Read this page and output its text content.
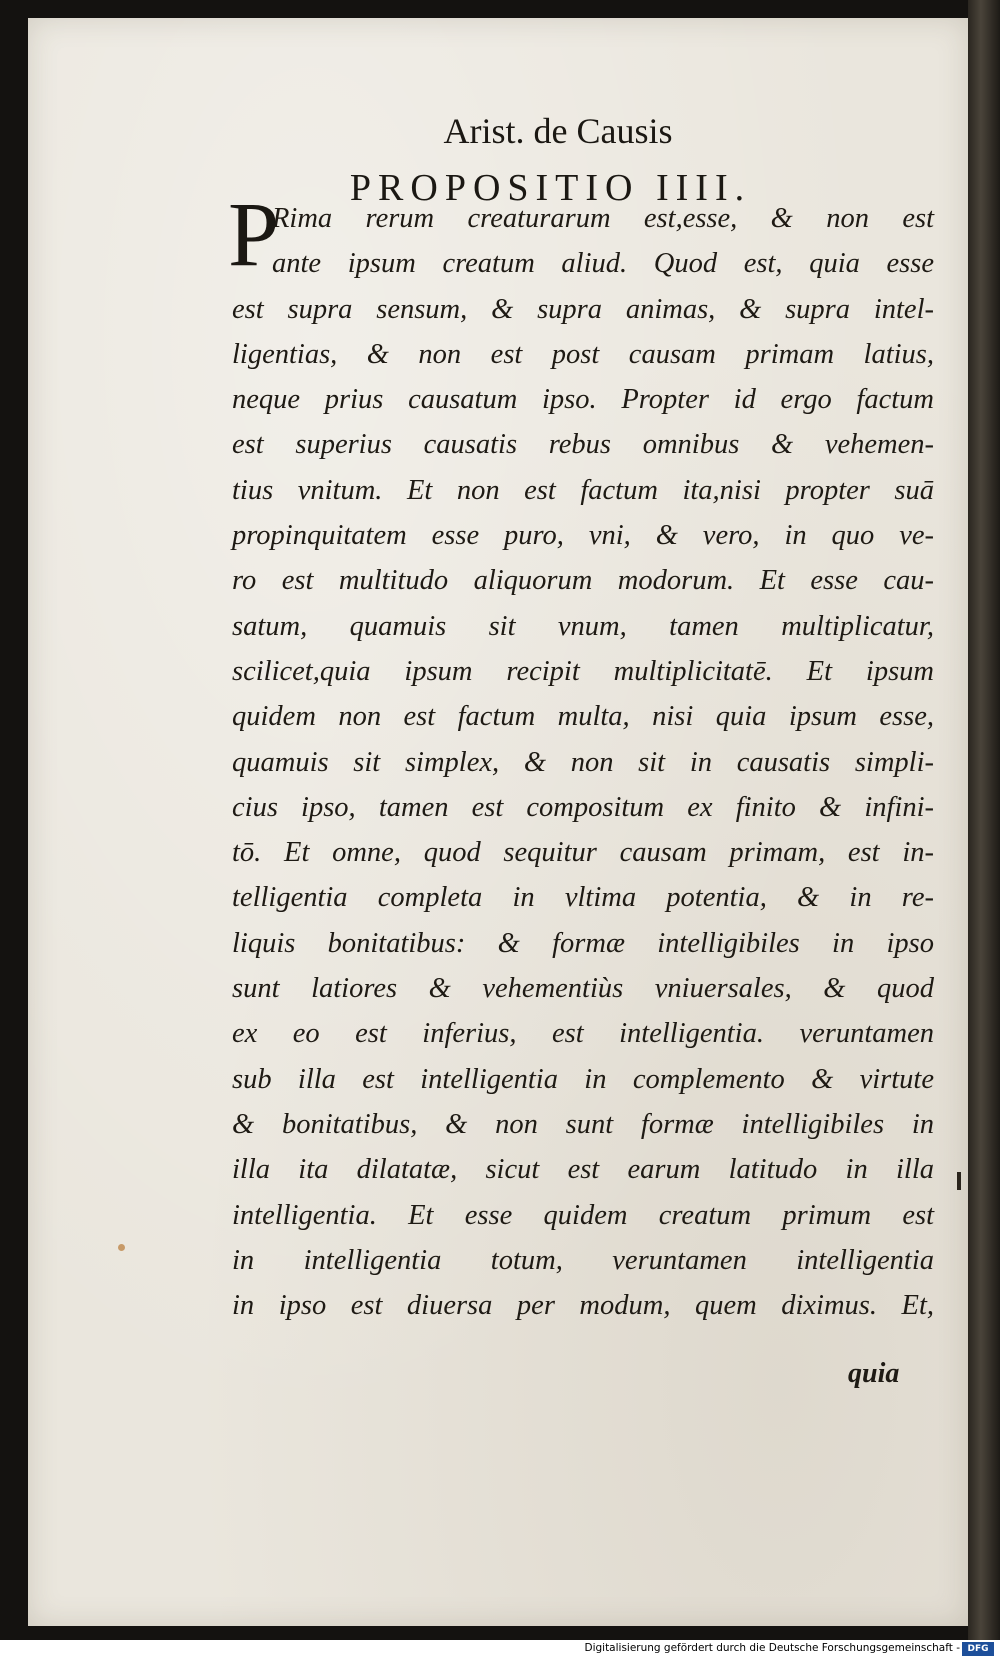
Arist. de Causis
PROPOSITIO IIII.
P
Rima rerum creaturarum est,esse, & non est
ante ipsum creatum aliud. Quod est, quia esse
est supra sensum, & supra animas, & supra intel-
ligentias, & non est post causam primam latius,
neque prius causatum ipso. Propter id ergo factum
est superius causatis rebus omnibus & vehemen-
tius vnitum. Et non est factum ita,nisi propter suā
propinquitatem esse puro, vni, & vero, in quo ve-
ro est multitudo aliquorum modorum. Et esse cau-
satum, quamuis sit vnum, tamen multiplicatur,
scilicet,quia ipsum recipit multiplicitatē. Et ipsum
quidem non est factum multa, nisi quia ipsum esse,
quamuis sit simplex, & non sit in causatis simpli-
cius ipso, tamen est compositum ex finito & infini-
tō. Et omne, quod sequitur causam primam, est in-
telligentia completa in vltima potentia, & in re-
liquis bonitatibus: & formæ intelligibiles in ipso
sunt latiores & vehementiùs vniuersales, & quod
ex eo est inferius, est intelligentia. veruntamen
sub illa est intelligentia in complemento & virtute
& bonitatibus, & non sunt formæ intelligibiles in
illa ita dilatatæ, sicut est earum latitudo in illa
intelligentia. Et esse quidem creatum primum est
in intelligentia totum, veruntamen intelligentia
in ipso est diuersa per modum, quem diximus. Et,
quia
Digitalisierung gefördert durch die Deutsche Forschungsgemeinschaft - DFG
